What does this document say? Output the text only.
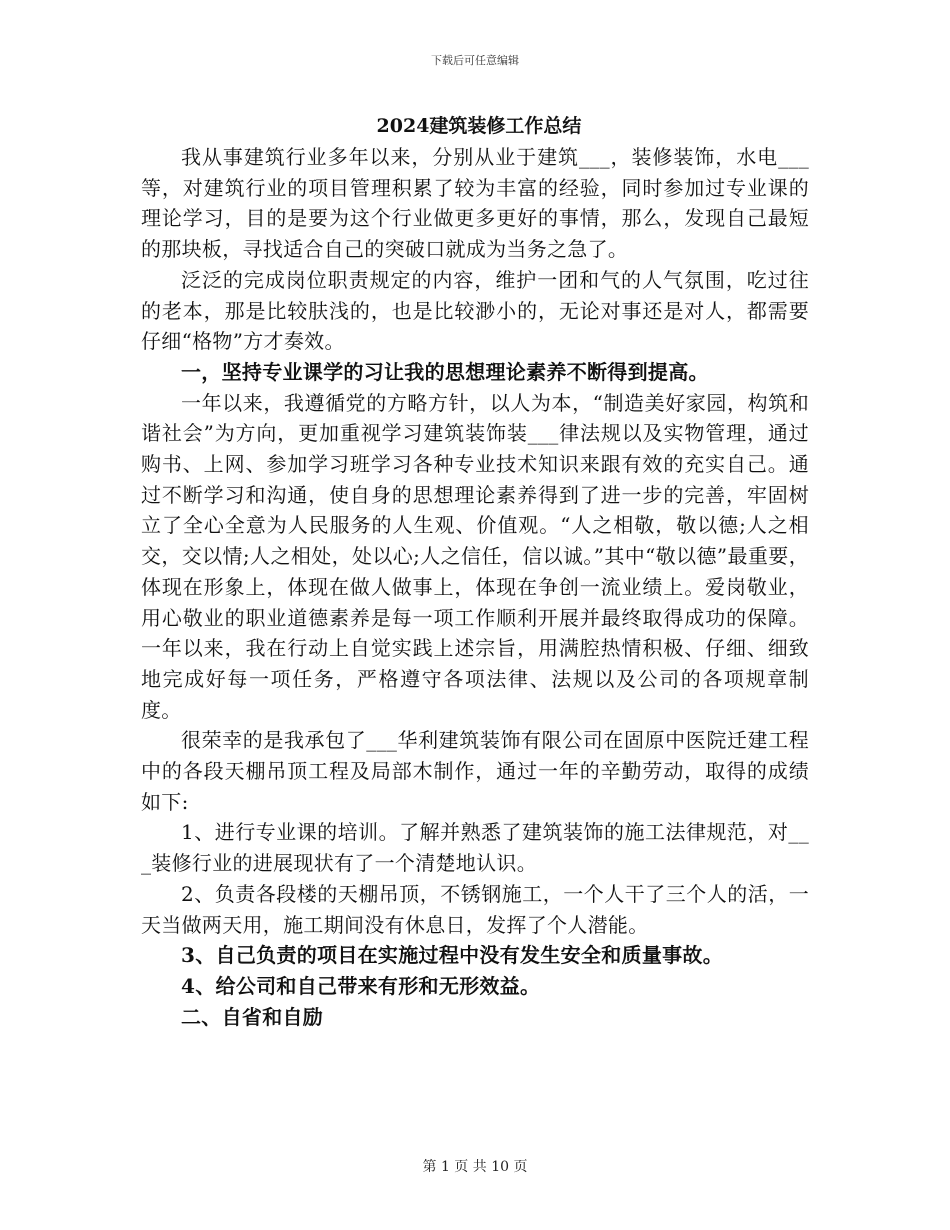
下载后可任意编辑
2024建筑装修工作总结

我从事建筑行业多年以来，分别从业于建筑___，装修装饰，水电___等，对建筑行业的项目管理积累了较为丰富的经验，同时参加过专业课的理论学习，目的是要为这个行业做更多更好的事情，那么，发现自己最短的那块板，寻找适合自己的突破口就成为当务之急了。

泛泛的完成岗位职责规定的内容，维护一团和气的人气氛围，吃过往的老本，那是比较肤浅的，也是比较渺小的，无论对事还是对人，都需要仔细“格物”方才奏效。

一，坚持专业课学的习让我的思想理论素养不断得到提高。

一年以来，我遵循党的方略方针，以人为本，“制造美好家园，构筑和谐社会”为方向，更加重视学习建筑装饰装___律法规以及实物管理，通过购书、上网、参加学习班学习各种专业技术知识来跟有效的充实自己。通过不断学习和沟通，使自身的思想理论素养得到了进一步的完善，牢固树立了全心全意为人民服务的人生观、价值观。“人之相敬，敬以德;人之相交，交以情;人之相处，处以心;人之信任，信以诚。”其中“敬以德”最重要，体现在形象上，体现在做人做事上，体现在争创一流业绩上。爱岗敬业，用心敬业的职业道德素养是每一项工作顺利开展并最终取得成功的保障。一年以来，我在行动上自觉实践上述宗旨，用满腔热情积极、仔细、细致地完成好每一项任务，严格遵守各项法律、法规以及公司的各项规章制度。

很荣幸的是我承包了___华利建筑装饰有限公司在固原中医院迁建工程中的各段天棚吊顶工程及局部木制作，通过一年的辛勤劳动，取得的成绩如下:

1、进行专业课的培训。了解并熟悉了建筑装饰的施工法律规范，对___装修行业的进展现状有了一个清楚地认识。

2、负责各段楼的天棚吊顶，不锈钢施工，一个人干了三个人的活，一天当做两天用，施工期间没有休息日，发挥了个人潜能。

3、自己负责的项目在实施过程中没有发生安全和质量事故。

4、给公司和自己带来有形和无形效益。

二、自省和自励

第 1 页 共 10 页
